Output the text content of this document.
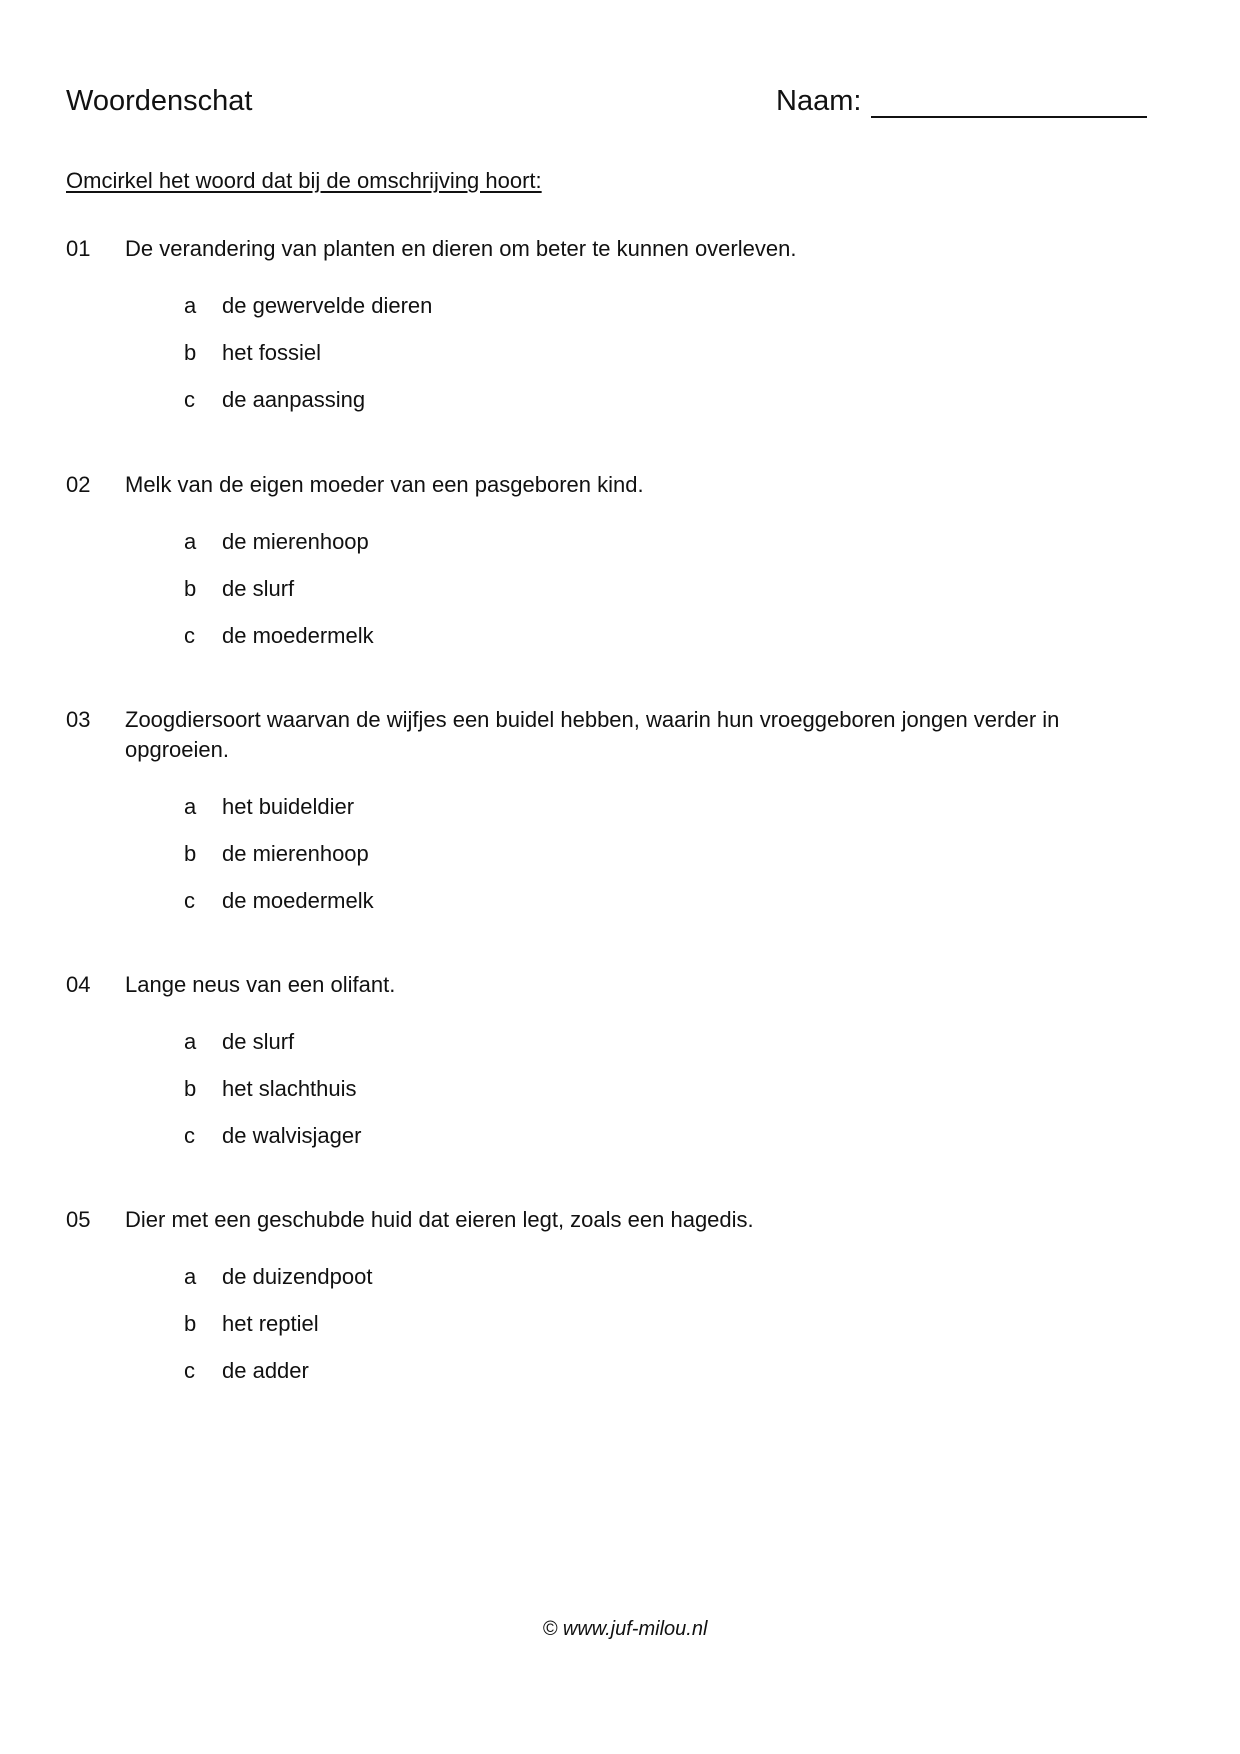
Woordenschat	Naam:
Omcirkel het woord dat bij de omschrijving hoort:
01	De verandering van planten en dieren om beter te kunnen overleven.
a de gewervelde dieren
b het fossiel
c de aanpassing
02	Melk van de eigen moeder van een pasgeboren kind.
a de mierenhoop
b de slurf
c de moedermelk
03	Zoogdiersoort waarvan de wijfjes een buidel hebben, waarin hun vroeggeboren jongen verder in opgroeien.
a het buideldier
b de mierenhoop
c de moedermelk
04	Lange neus van een olifant.
a de slurf
b het slachthuis
c de walvisjager
05	Dier met een geschubde huid dat eieren legt, zoals een hagedis.
a de duizendpoot
b het reptiel
c de adder
© www.juf-milou.nl
